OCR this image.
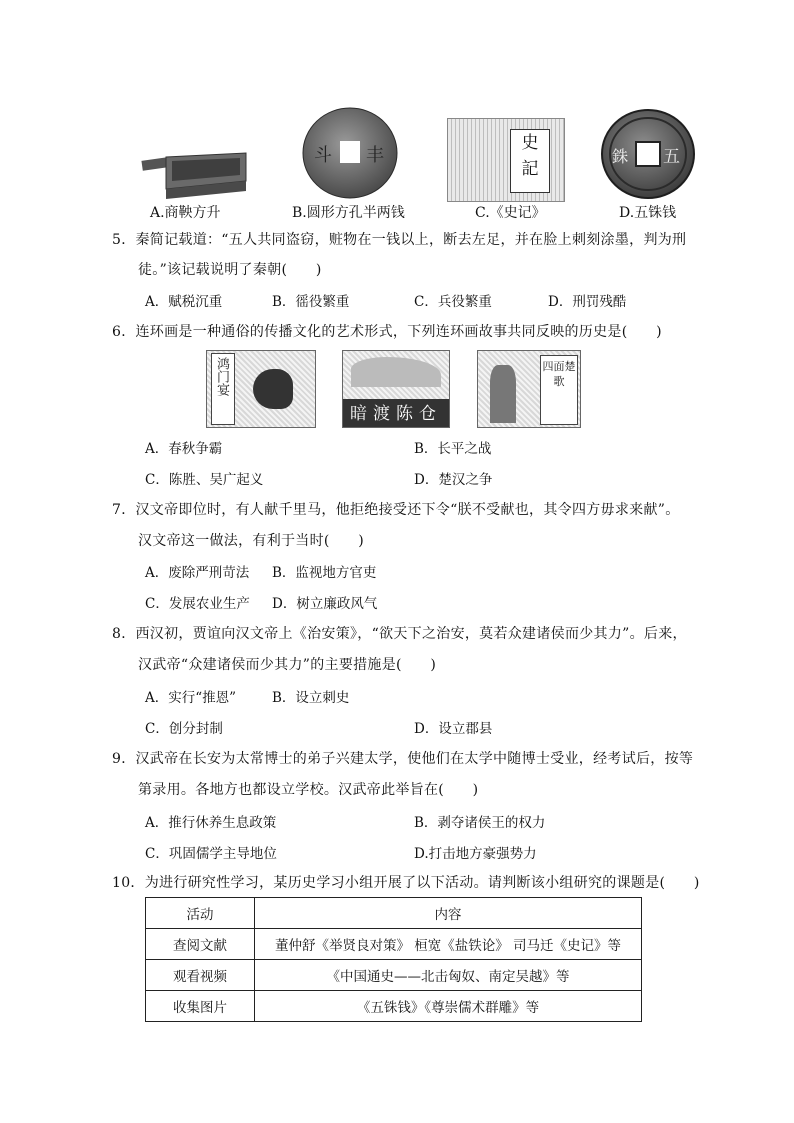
斗 丰
史
記
銖 五
A.商鞅方升	B.圆形方孔半两钱	C.《史记》	D.五铢钱
5．秦简记载道：“五人共同盗窃，赃物在一钱以上，断去左足，并在脸上刺刻涂墨，判为刑
徒。”该记载说明了秦朝(　　)
A．赋税沉重	B．徭役繁重	C．兵役繁重	D．刑罚残酷
6．连环画是一种通俗的传播文化的艺术形式，下列连环画故事共同反映的历史是(　　)
鸿门宴
暗渡陈仓
四面楚歌
A．春秋争霸	B．长平之战
C．陈胜、吴广起义	D．楚汉之争
7．汉文帝即位时，有人献千里马，他拒绝接受还下令“朕不受献也，其令四方毋求来献”。
汉文帝这一做法，有利于当时(　　)
A．废除严刑苛法 B．监视地方官吏
C．发展农业生产 D．树立廉政风气
8．西汉初，贾谊向汉文帝上《治安策》，“欲天下之治安，莫若众建诸侯而少其力”。后来，
汉武帝“众建诸侯而少其力”的主要措施是(　　)
A．实行“推恩”	B．设立刺史
C．创分封制	D．设立郡县
9．汉武帝在长安为太常博士的弟子兴建太学，使他们在太学中随博士受业，经考试后，按等
第录用。各地方也都设立学校。汉武帝此举旨在(　　)
A．推行休养生息政策	B．剥夺诸侯王的权力
C．巩固儒学主导地位	D.打击地方豪强势力
10．为进行研究性学习，某历史学习小组开展了以下活动。请判断该小组研究的课题是(　　)
活动	内容
查阅文献	董仲舒《举贤良对策》 桓宽《盐铁论》 司马迁《史记》等
观看视频	《中国通史——北击匈奴、南定吴越》等
收集图片	《五铢钱》《尊崇儒术群雕》等
